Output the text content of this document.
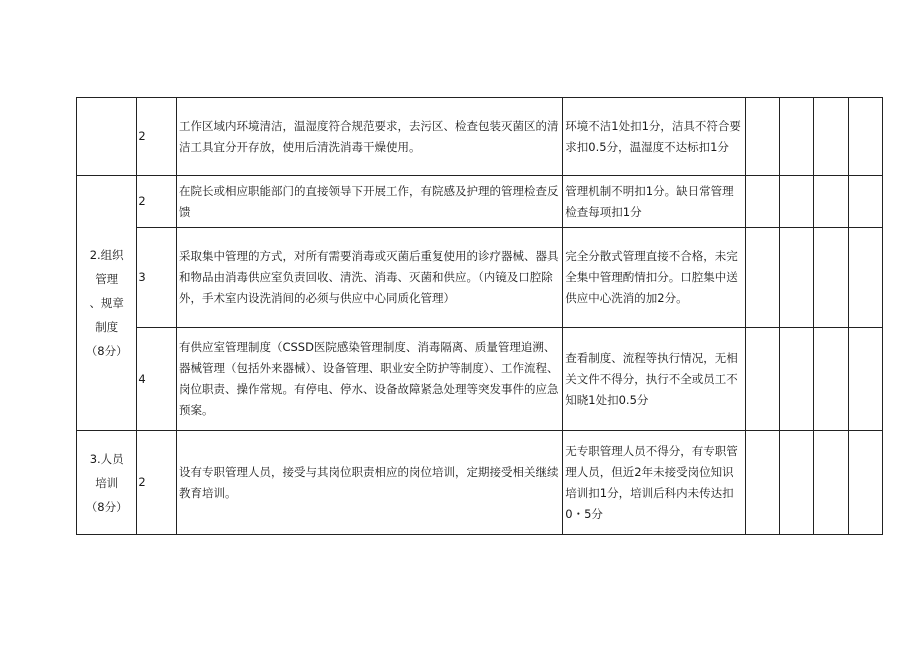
	2	工作区域内环境清洁，温湿度符合规范要求，去污区、检查包装灭菌区的清洁工具宜分开存放，使用后清洗消毒干燥使用。	环境不洁1处扣1分，洁具不符合要求扣0.5分，温湿度不达标扣1分				

2.组织
管理
、规章
制度
（8分）	2	在院长或相应职能部门的直接领导下开展工作，有院感及护理的管理检查反馈	管理机制不明扣1分。缺日常管理检查每项扣1分				
	3	采取集中管理的方式，对所有需要消毒或灭菌后重复使用的诊疗器械、器具和物品由消毒供应室负责回收、清洗、消毒、灭菌和供应。（内镜及口腔除外，手术室内设洗消间的必须与供应中心同质化管理）	完全分散式管理直接不合格，未完全集中管理酌情扣分。口腔集中送供应中心洗消的加2分。				
	4	有供应室管理制度（CSSD医院感染管理制度、消毒隔离、质量管理追溯、器械管理（包括外来器械）、设备管理、职业安全防护等制度）、工作流程、岗位职责、操作常规。有停电、停水、设备故障紧急处理等突发事件的应急预案。	查看制度、流程等执行情况，无相关文件不得分，执行不全或员工不知晓1处扣0.5分				

3.人员
培训
（8分）	2	设有专职管理人员，接受与其岗位职责相应的岗位培训，定期接受相关继续教育培训。	无专职管理人员不得分，有专职管理人员，但近2年未接受岗位知识培训扣1分，培训后科内未传达扣0・5分				
